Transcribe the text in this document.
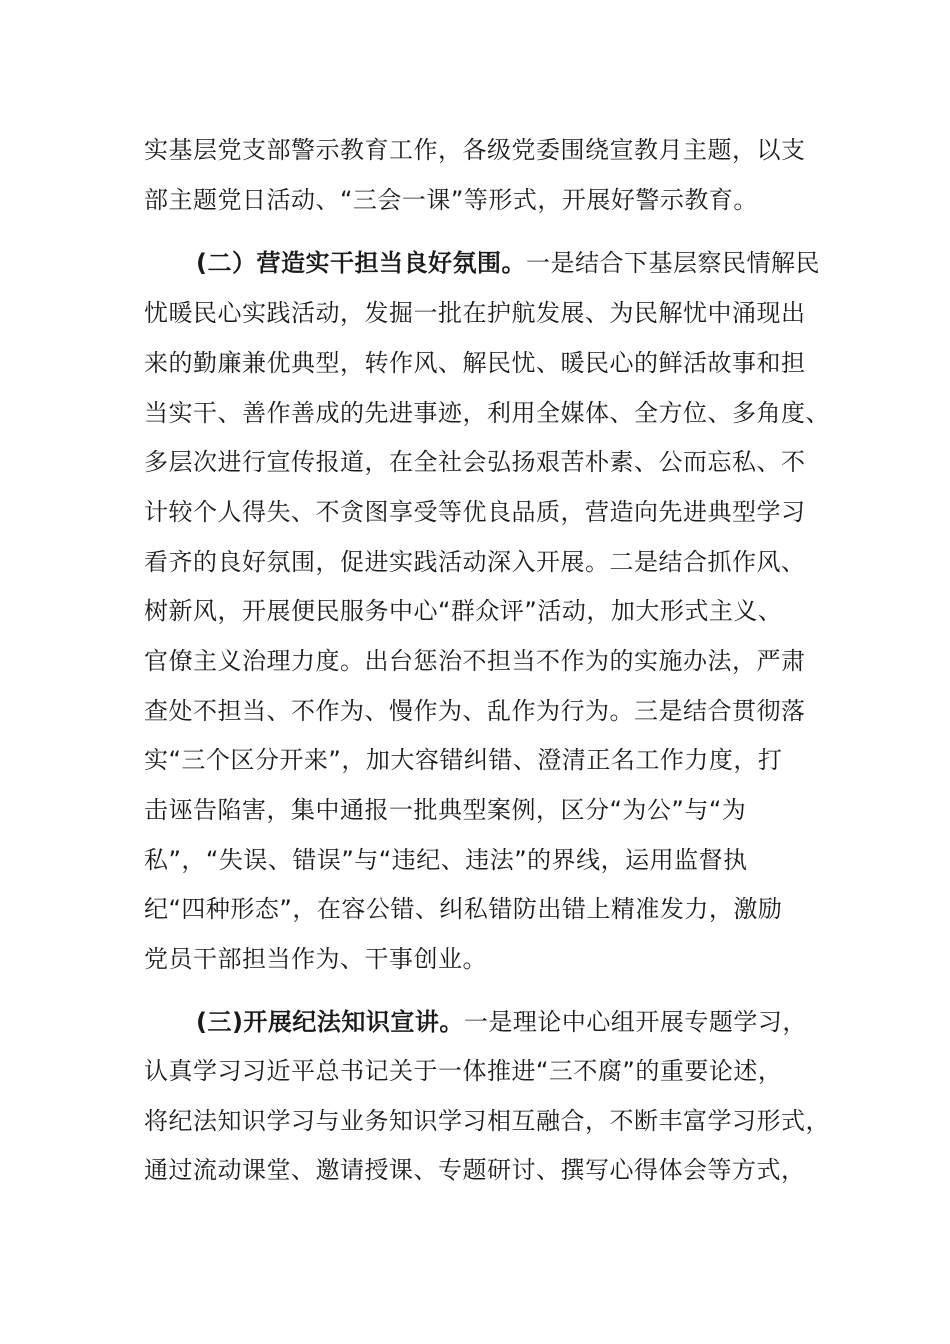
实基层党支部警示教育工作，各级党委围绕宣教月主题，以支
部主题党日活动、“三会一课”等形式，开展好警示教育。
(二）营造实干担当良好氛围。一是结合下基层察民情解民
忧暖民心实践活动，发掘一批在护航发展、为民解忧中涌现出
来的勤廉兼优典型，转作风、解民忧、暖民心的鲜活故事和担
当实干、善作善成的先进事迹，利用全媒体、全方位、多角度、
多层次进行宣传报道，在全社会弘扬艰苦朴素、公而忘私、不
计较个人得失、不贪图享受等优良品质，营造向先进典型学习
看齐的良好氛围，促进实践活动深入开展。二是结合抓作风、
树新风，开展便民服务中心“群众评”活动，加大形式主义、
官僚主义治理力度。出台惩治不担当不作为的实施办法，严肃
查处不担当、不作为、慢作为、乱作为行为。三是结合贯彻落
实“三个区分开来”，加大容错纠错、澄清正名工作力度，打
击诬告陷害，集中通报一批典型案例，区分“为公”与“为
私”，“失误、错误”与“违纪、违法”的界线，运用监督执
纪“四种形态”，在容公错、纠私错防出错上精准发力，激励
党员干部担当作为、干事创业。
(三)开展纪法知识宣讲。一是理论中心组开展专题学习，
认真学习习近平总书记关于一体推进“三不腐”的重要论述，
将纪法知识学习与业务知识学习相互融合，不断丰富学习形式，
通过流动课堂、邀请授课、专题研讨、撰写心得体会等方式，
